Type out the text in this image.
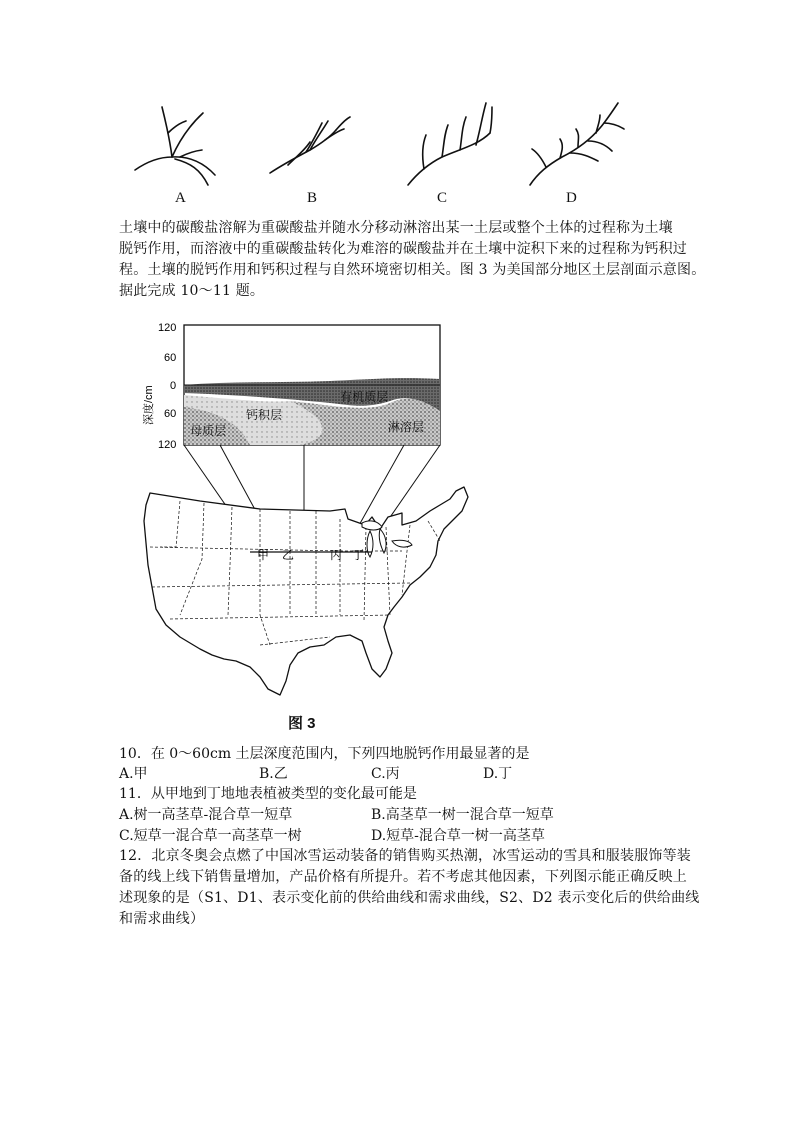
A	B	C	D
土壤中的碳酸盐溶解为重碳酸盐并随水分移动淋溶出某一土层或整个土体的过程称为土壤
脱钙作用，而溶液中的重碳酸盐转化为难溶的碳酸盐并在土壤中淀积下来的过程称为钙积过
程。土壤的脱钙作用和钙积过程与自然环境密切相关。图 3 为美国部分地区土层剖面示意图。
据此完成 10～11 题。
120
60
0
60
120
深度/cm	有机质层
钙积层
母质层	淋溶层
甲 乙	丙 丁
图 3
10．在 0～60cm 土层深度范围内，下列四地脱钙作用最显著的是
A.甲	B.乙	C.丙	D.丁
11．从甲地到丁地地表植被类型的变化最可能是
A.树一高茎草-混合草一短草	B.高茎草一树一混合草一短草
C.短草一混合草一高茎草一树	D.短草-混合草一树一高茎草
12．北京冬奥会点燃了中国冰雪运动装备的销售购买热潮，冰雪运动的雪具和服装服饰等装
备的线上线下销售量增加，产品价格有所提升。若不考虑其他因素，下列图示能正确反映上
述现象的是（S1、D1、表示变化前的供给曲线和需求曲线，S2、D2 表示变化后的供给曲线
和需求曲线）
